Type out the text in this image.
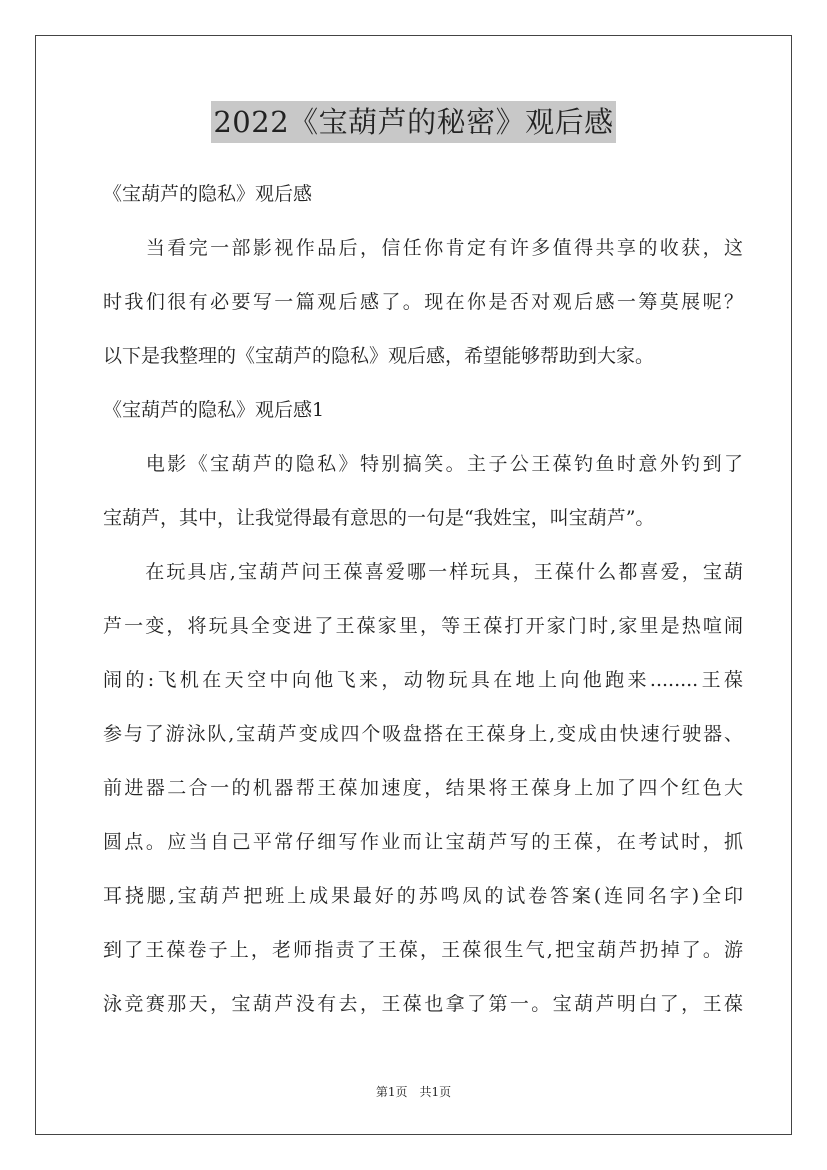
2022《宝葫芦的秘密》观后感
《宝葫芦的隐私》观后感
　　当看完一部影视作品后，信任你肯定有许多值得共享的收获，这
时我们很有必要写一篇观后感了。现在你是否对观后感一筹莫展呢？
以下是我整理的《宝葫芦的隐私》观后感，希望能够帮助到大家。
《宝葫芦的隐私》观后感1
　　电影《宝葫芦的隐私》特别搞笑。主子公王葆钓鱼时意外钓到了
宝葫芦，其中，让我觉得最有意思的一句是“我姓宝，叫宝葫芦”。
　　在玩具店,宝葫芦问王葆喜爱哪一样玩具，王葆什么都喜爱，宝葫
芦一变，将玩具全变进了王葆家里，等王葆打开家门时,家里是热喧闹
闹的:飞机在天空中向他飞来，动物玩具在地上向他跑来........王葆
参与了游泳队,宝葫芦变成四个吸盘搭在王葆身上,变成由快速行驶器、
前进器二合一的机器帮王葆加速度，结果将王葆身上加了四个红色大
圆点。应当自己平常仔细写作业而让宝葫芦写的王葆，在考试时，抓
耳挠腮,宝葫芦把班上成果最好的苏鸣凤的试卷答案(连同名字)全印
到了王葆卷子上，老师指责了王葆，王葆很生气,把宝葫芦扔掉了。游
泳竞赛那天，宝葫芦没有去，王葆也拿了第一。宝葫芦明白了，王葆
第1页　共1页
